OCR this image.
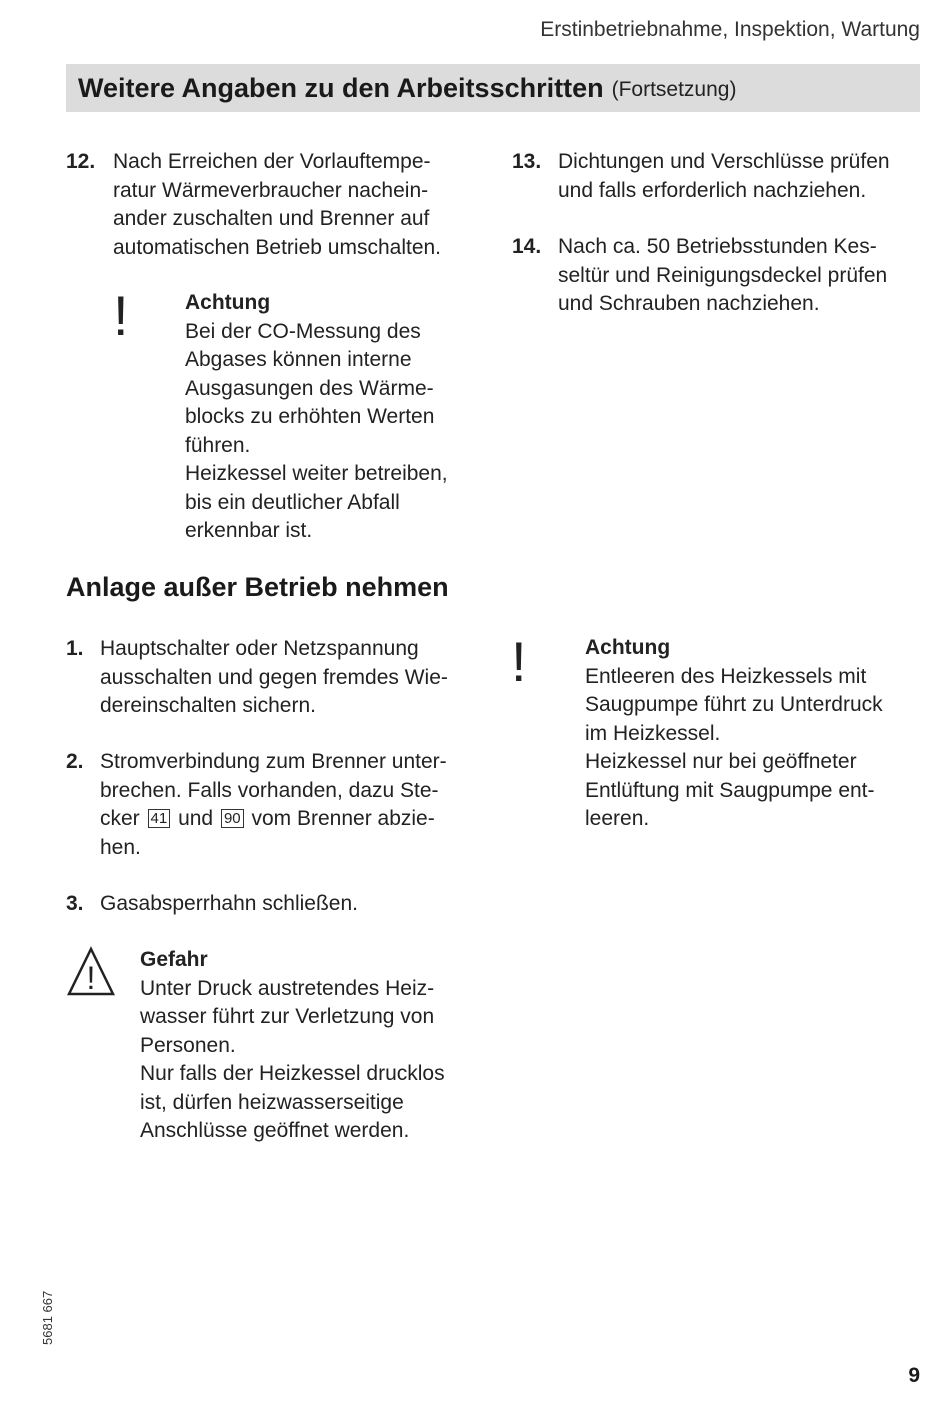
Erstinbetriebnahme, Inspektion, Wartung
Weitere Angaben zu den Arbeitsschritten (Fortsetzung)
12. Nach Erreichen der Vorlauftempe-
ratur Wärmeverbraucher nachein-
ander zuschalten und Brenner auf
automatischen Betrieb umschalten.
!	Achtung
Bei der CO-Messung des
Abgases können interne
Ausgasungen des Wärme-
blocks zu erhöhten Werten
führen.
Heizkessel weiter betreiben,
bis ein deutlicher Abfall
erkennbar ist.
13. Dichtungen und Verschlüsse prüfen
und falls erforderlich nachziehen.
14. Nach ca. 50 Betriebsstunden Kes-
seltür und Reinigungsdeckel prüfen
und Schrauben nachziehen.
Anlage außer Betrieb nehmen
1. Hauptschalter oder Netzspannung
ausschalten und gegen fremdes Wie-
dereinschalten sichern.
2. Stromverbindung zum Brenner unter-
brechen. Falls vorhanden, dazu Ste-
cker 41 und 90 vom Brenner abzie-
hen.
3. Gasabsperrhahn schließen.
!
Gefahr
Unter Druck austretendes Heiz-
wasser führt zur Verletzung von
Personen.
Nur falls der Heizkessel drucklos
ist, dürfen heizwasserseitige
Anschlüsse geöffnet werden.
!	Achtung
Entleeren des Heizkessels mit
Saugpumpe führt zu Unterdruck
im Heizkessel.
Heizkessel nur bei geöffneter
Entlüftung mit Saugpumpe ent-
leeren.
5681 667
9
